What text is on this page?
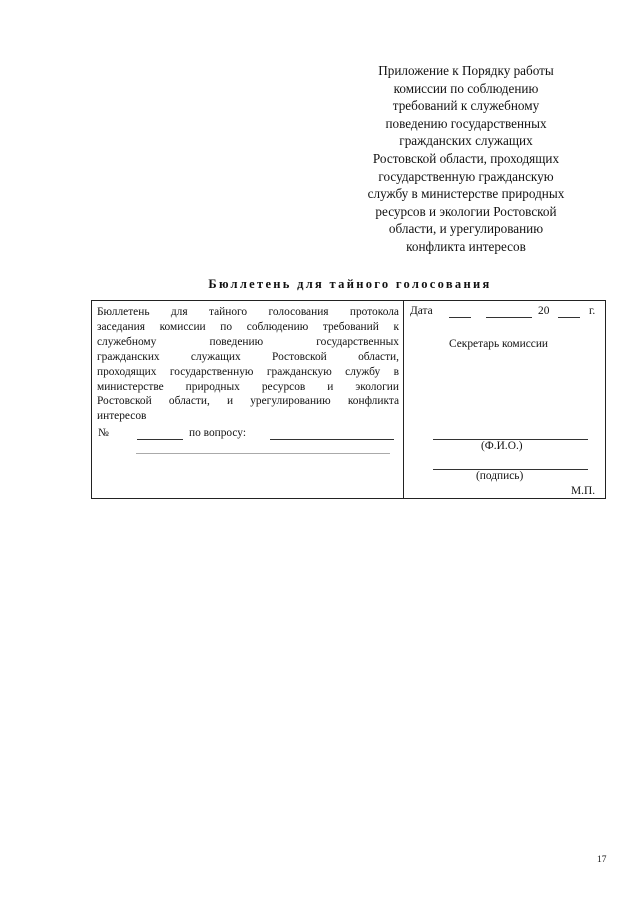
Приложение к Порядку работы
комиссии по соблюдению
требований к служебному
поведению государственных
гражданских служащих
Ростовской области, проходящих
государственную гражданскую
службу в министерстве природных
ресурсов и экологии Ростовской
области, и урегулированию
конфликта интересов
Бюллетень для тайного голосования
Бюллетень для тайного голосования протокола
заседания комиссии по соблюдению требований к
служебному поведению государственных
гражданских служащих Ростовской области,
проходящих государственную гражданскую службу в
министерстве природных ресурсов и экологии
Ростовской области, и урегулированию конфликта
интересов
№	по вопросу:
Дата	20	г.
Секретарь комиссии
(Ф.И.О.)
(подпись)
М.П.
17
